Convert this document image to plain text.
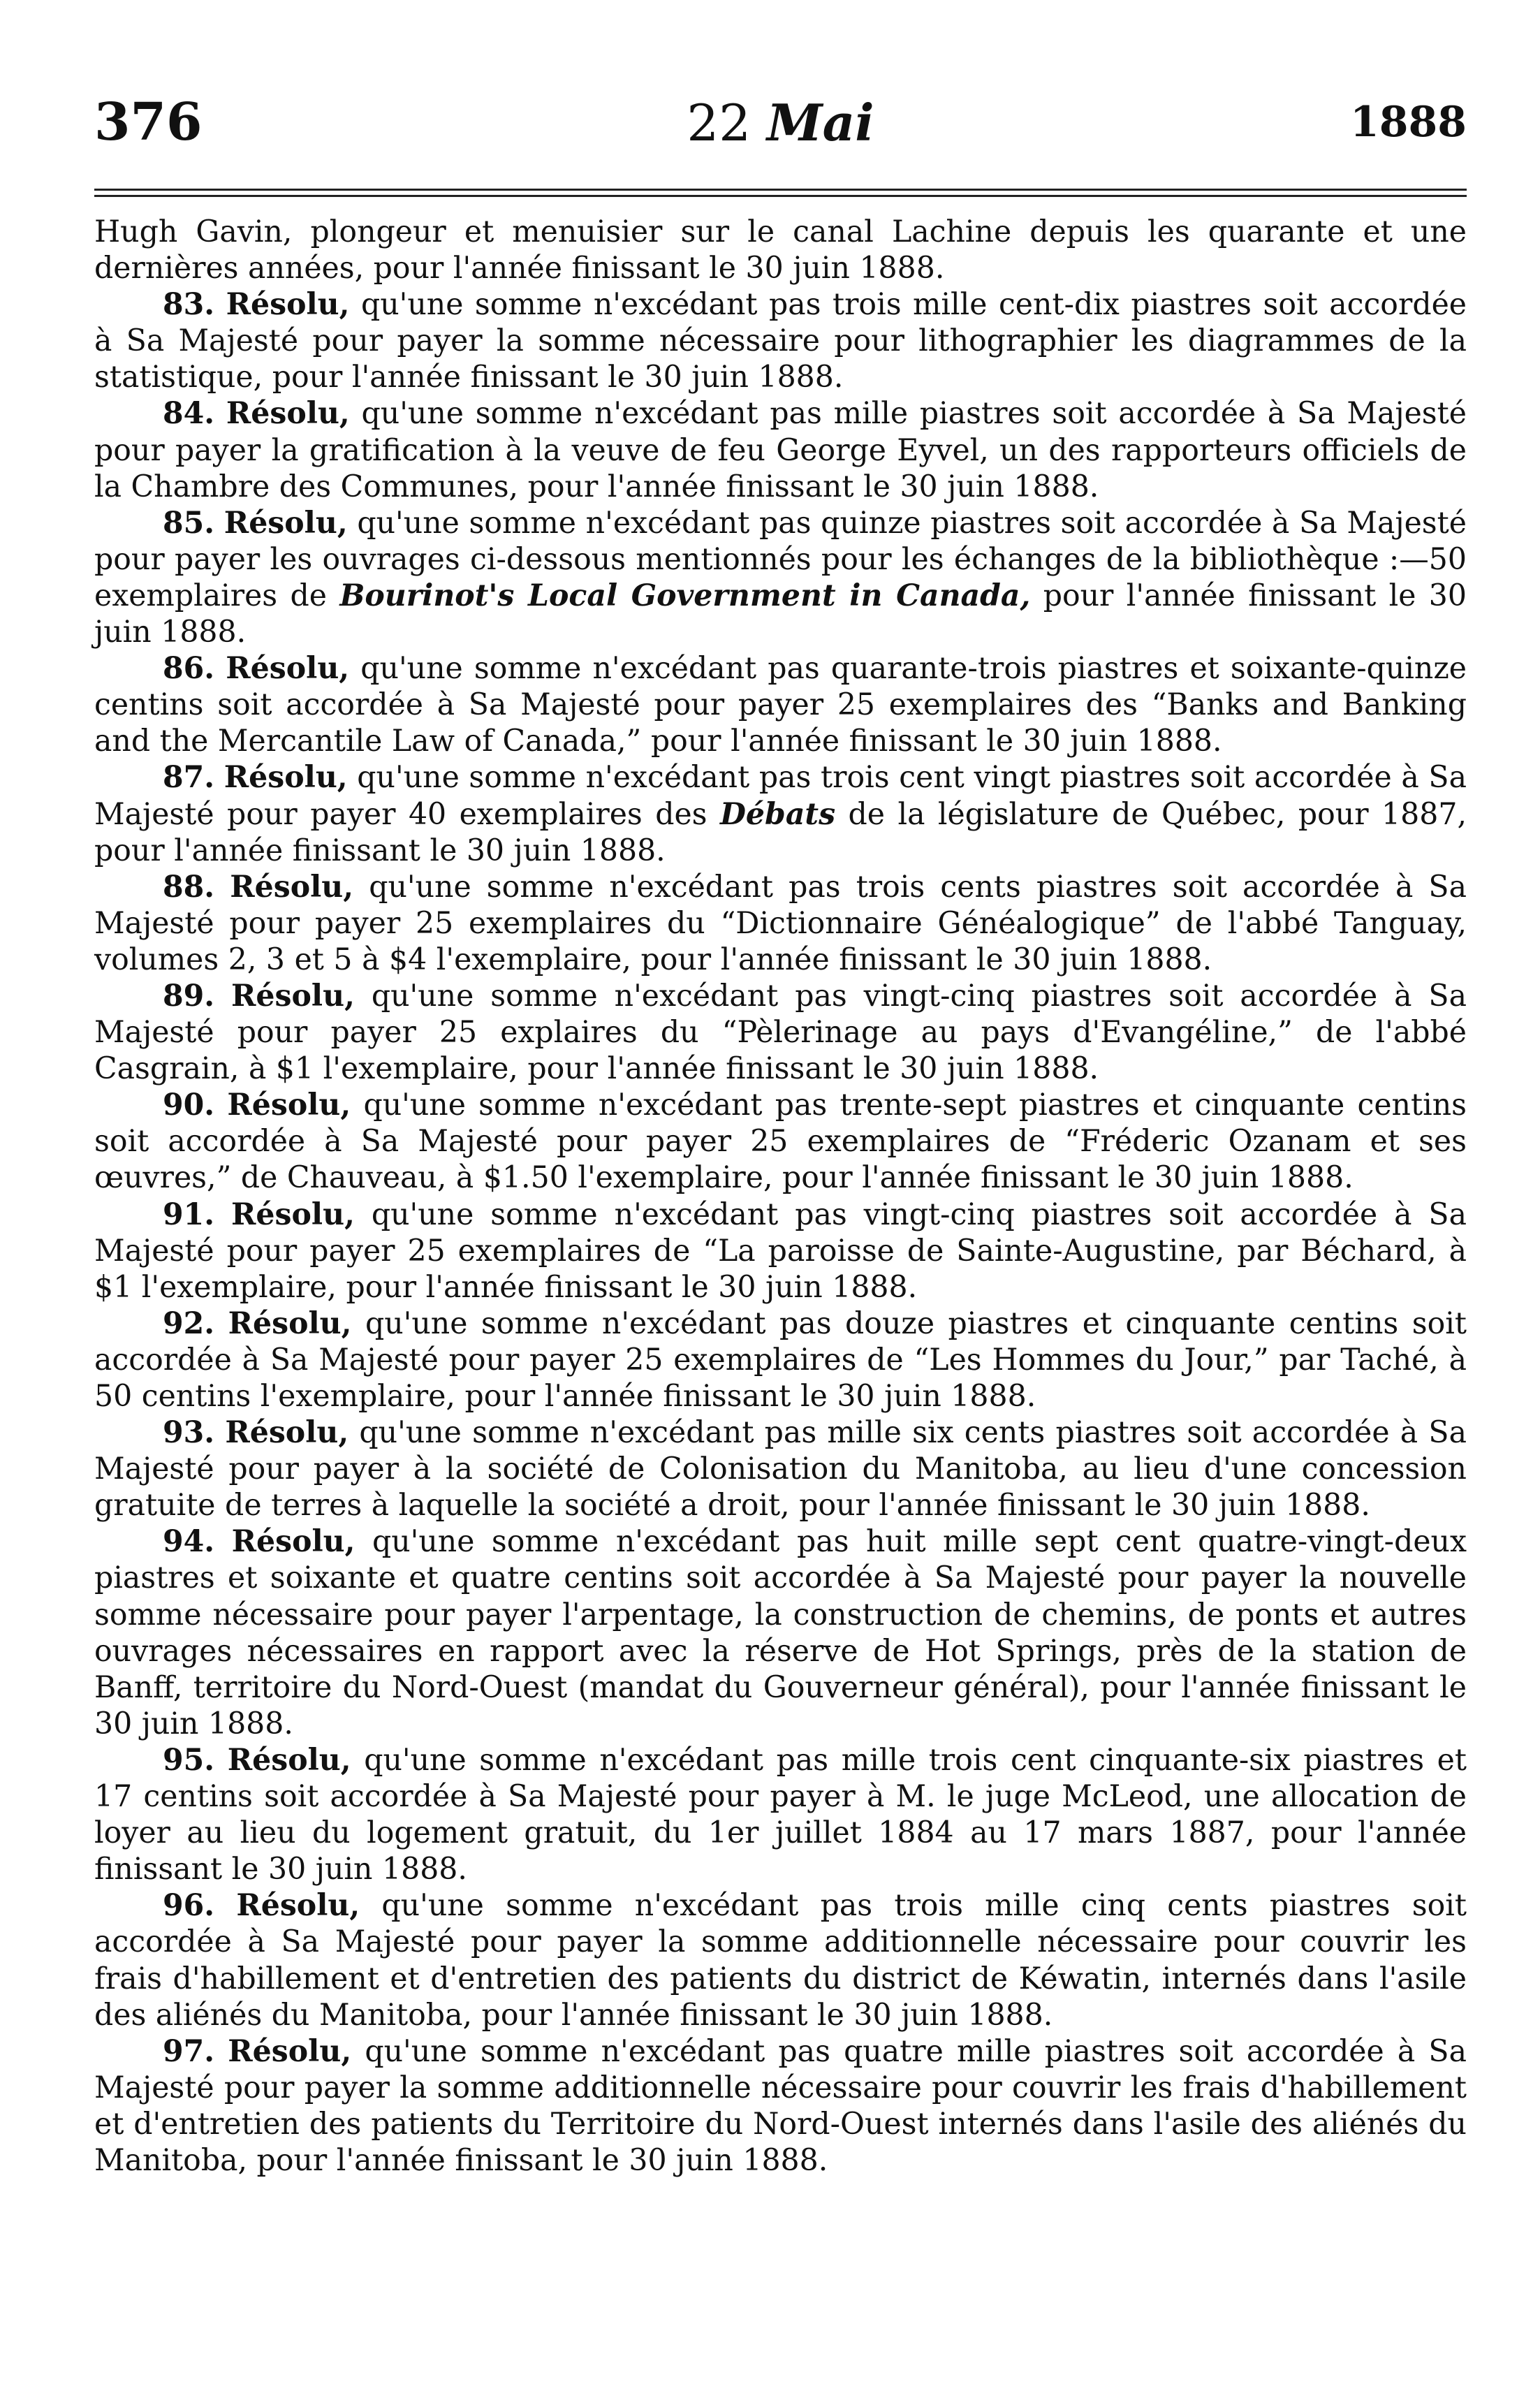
376	22 Mai	1888

Hugh Gavin, plongeur et menuisier sur le canal Lachine depuis les quarante et une dernières années, pour l'année finissant le 30 juin 1888.

83. Résolu, qu'une somme n'excédant pas trois mille cent-dix piastres soit accordée à Sa Majesté pour payer la somme nécessaire pour lithographier les diagrammes de la statistique, pour l'année finissant le 30 juin 1888.

84. Résolu, qu'une somme n'excédant pas mille piastres soit accordée à Sa Majesté pour payer la gratification à la veuve de feu George Eyvel, un des rapporteurs officiels de la Chambre des Communes, pour l'année finissant le 30 juin 1888.

85. Résolu, qu'une somme n'excédant pas quinze piastres soit accordée à Sa Majesté pour payer les ouvrages ci-dessous mentionnés pour les échanges de la bibliothèque :—50 exemplaires de Bourinot's Local Government in Canada, pour l'année finissant le 30 juin 1888.

86. Résolu, qu'une somme n'excédant pas quarante-trois piastres et soixante-quinze centins soit accordée à Sa Majesté pour payer 25 exemplaires des “Banks and Banking and the Mercantile Law of Canada,” pour l'année finissant le 30 juin 1888.

87. Résolu, qu'une somme n'excédant pas trois cent vingt piastres soit accordée à Sa Majesté pour payer 40 exemplaires des Débats de la législature de Québec, pour 1887, pour l'année finissant le 30 juin 1888.

88. Résolu, qu'une somme n'excédant pas trois cents piastres soit accordée à Sa Majesté pour payer 25 exemplaires du “Dictionnaire Généalogique” de l'abbé Tanguay, volumes 2, 3 et 5 à $4 l'exemplaire, pour l'année finissant le 30 juin 1888.

89. Résolu, qu'une somme n'excédant pas vingt-cinq piastres soit accordée à Sa Majesté pour payer 25 explaires du “Pèlerinage au pays d'Evangéline,” de l'abbé Casgrain, à $1 l'exemplaire, pour l'année finissant le 30 juin 1888.

90. Résolu, qu'une somme n'excédant pas trente-sept piastres et cinquante centins soit accordée à Sa Majesté pour payer 25 exemplaires de “Fréderic Ozanam et ses œuvres,” de Chauveau, à $1.50 l'exemplaire, pour l'année finissant le 30 juin 1888.

91. Résolu, qu'une somme n'excédant pas vingt-cinq piastres soit accordée à Sa Majesté pour payer 25 exemplaires de “La paroisse de Sainte-Augustine, par Béchard, à $1 l'exemplaire, pour l'année finissant le 30 juin 1888.

92. Résolu, qu'une somme n'excédant pas douze piastres et cinquante centins soit accordée à Sa Majesté pour payer 25 exemplaires de “Les Hommes du Jour,” par Taché, à 50 centins l'exemplaire, pour l'année finissant le 30 juin 1888.

93. Résolu, qu'une somme n'excédant pas mille six cents piastres soit accordée à Sa Majesté pour payer à la société de Colonisation du Manitoba, au lieu d'une concession gratuite de terres à laquelle la société a droit, pour l'année finissant le 30 juin 1888.

94. Résolu, qu'une somme n'excédant pas huit mille sept cent quatre-vingt-deux piastres et soixante et quatre centins soit accordée à Sa Majesté pour payer la nouvelle somme nécessaire pour payer l'arpentage, la construction de chemins, de ponts et autres ouvrages nécessaires en rapport avec la réserve de Hot Springs, près de la station de Banff, territoire du Nord-Ouest (mandat du Gouverneur général), pour l'année finissant le 30 juin 1888.

95. Résolu, qu'une somme n'excédant pas mille trois cent cinquante-six piastres et 17 centins soit accordée à Sa Majesté pour payer à M. le juge McLeod, une allocation de loyer au lieu du logement gratuit, du 1er juillet 1884 au 17 mars 1887, pour l'année finissant le 30 juin 1888.

96. Résolu, qu'une somme n'excédant pas trois mille cinq cents piastres soit accordée à Sa Majesté pour payer la somme additionnelle nécessaire pour couvrir les frais d'habillement et d'entretien des patients du district de Kéwatin, internés dans l'asile des aliénés du Manitoba, pour l'année finissant le 30 juin 1888.

97. Résolu, qu'une somme n'excédant pas quatre mille piastres soit accordée à Sa Majesté pour payer la somme additionnelle nécessaire pour couvrir les frais d'habillement et d'entretien des patients du Territoire du Nord-Ouest internés dans l'asile des aliénés du Manitoba, pour l'année finissant le 30 juin 1888.
